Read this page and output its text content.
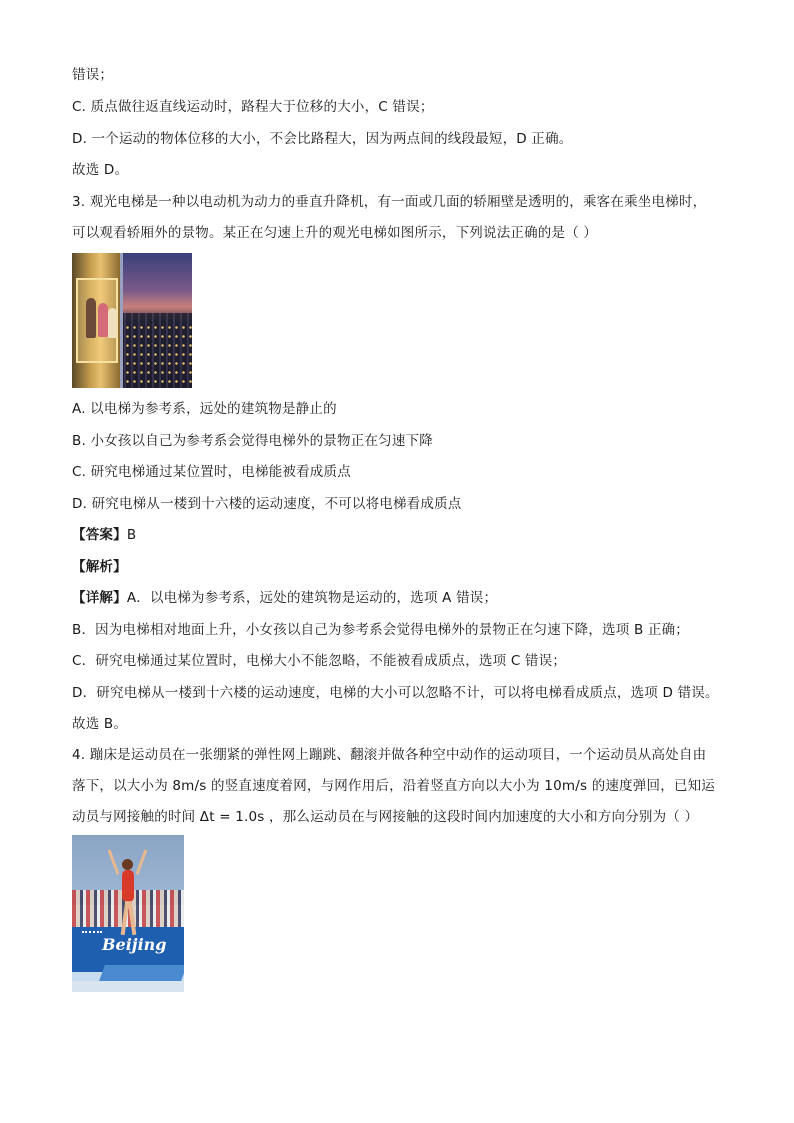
错误；
C. 质点做往返直线运动时，路程大于位移的大小，C 错误；
D. 一个运动的物体位移的大小，不会比路程大，因为两点间的线段最短，D 正确。
故选 D。
3. 观光电梯是一种以电动机为动力的垂直升降机，有一面或几面的轿厢壁是透明的，乘客在乘坐电梯时，
可以观看轿厢外的景物。某正在匀速上升的观光电梯如图所示，下列说法正确的是（ ）
A. 以电梯为参考系，远处的建筑物是静止的
B. 小女孩以自己为参考系会觉得电梯外的景物正在匀速下降
C. 研究电梯通过某位置时，电梯能被看成质点
D. 研究电梯从一楼到十六楼的运动速度，不可以将电梯看成质点
【答案】B
【解析】
【详解】A．以电梯为参考系，远处的建筑物是运动的，选项 A 错误；
B．因为电梯相对地面上升，小女孩以自己为参考系会觉得电梯外的景物正在匀速下降，选项 B 正确；
C．研究电梯通过某位置时，电梯大小不能忽略，不能被看成质点，选项 C 错误；
D．研究电梯从一楼到十六楼的运动速度，电梯的大小可以忽略不计，可以将电梯看成质点，选项 D 错误。
故选 B。
4. 蹦床是运动员在一张绷紧的弹性网上蹦跳、翻滚并做各种空中动作的运动项目，一个运动员从高处自由
落下，以大小为 8m/s 的竖直速度着网，与网作用后，沿着竖直方向以大小为 10m/s 的速度弹回，已知运
动员与网接触的时间 Δt = 1.0s ，那么运动员在与网接触的这段时间内加速度的大小和方向分别为（ ）
Beijing
